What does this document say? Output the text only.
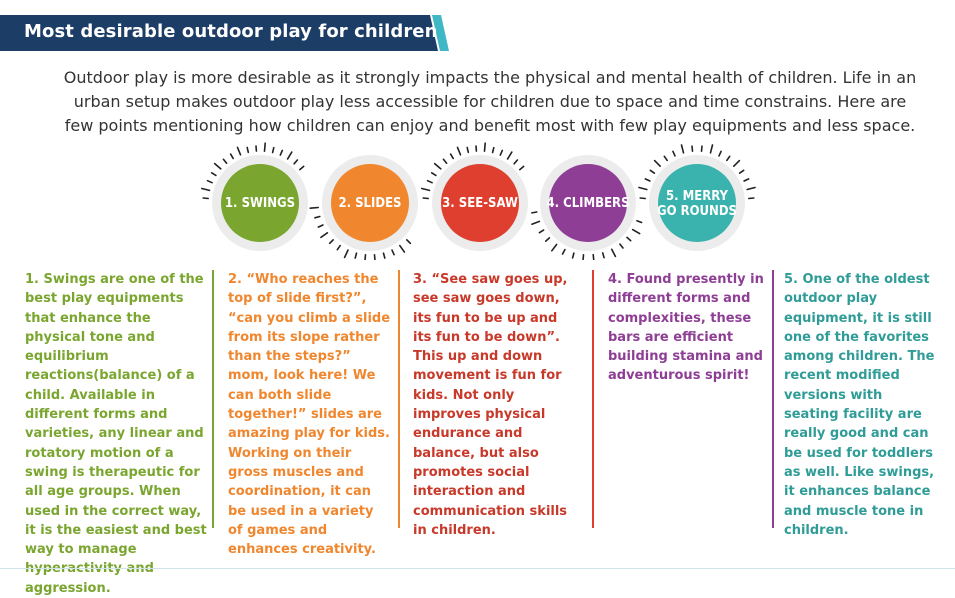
Most desirable outdoor play for children
Outdoor play is more desirable as it strongly impacts the physical and mental health of children. Life in an urban setup makes outdoor play less accessible for children due to space and time constrains. Here are few points mentioning how children can enjoy and benefit most with few play equipments and less space.
1. SWINGS	2. SLIDES	3. SEE-SAW	4. CLIMBERS	5. MERRY
GO ROUNDS

1. Swings are one of the best play equipments that enhance the physical tone and equilibrium reactions(balance) of a child. Available in different forms and varieties, any linear and rotatory motion of a swing is therapeutic for all age groups. When used in the correct way, it is the easiest and best way to manage aggression.

2. “Who reaches the top of slide first?”, “can you climb a slide from its slope rather than the steps?” mom, look here! We can both slide together!” slides are amazing play for kids. Working on their gross muscles and coordination, it can be used in a variety of games and enhances creativity.

3. “See saw goes up, see saw goes down, its fun to be up and its fun to be down”. This up and down movement is fun for kids. Not only improves physical endurance and balance, but also promotes social interaction and communication skills in children.

4. Found presently in different forms and complexities, these bars are efficient building stamina and adventurous spirit!

5. One of the oldest outdoor play equipment, it is still one of the favorites among children. The recent modified versions with seating facility are really good and can be used for toddlers as well. Like swings, it enhances balance and muscle tone in children.
